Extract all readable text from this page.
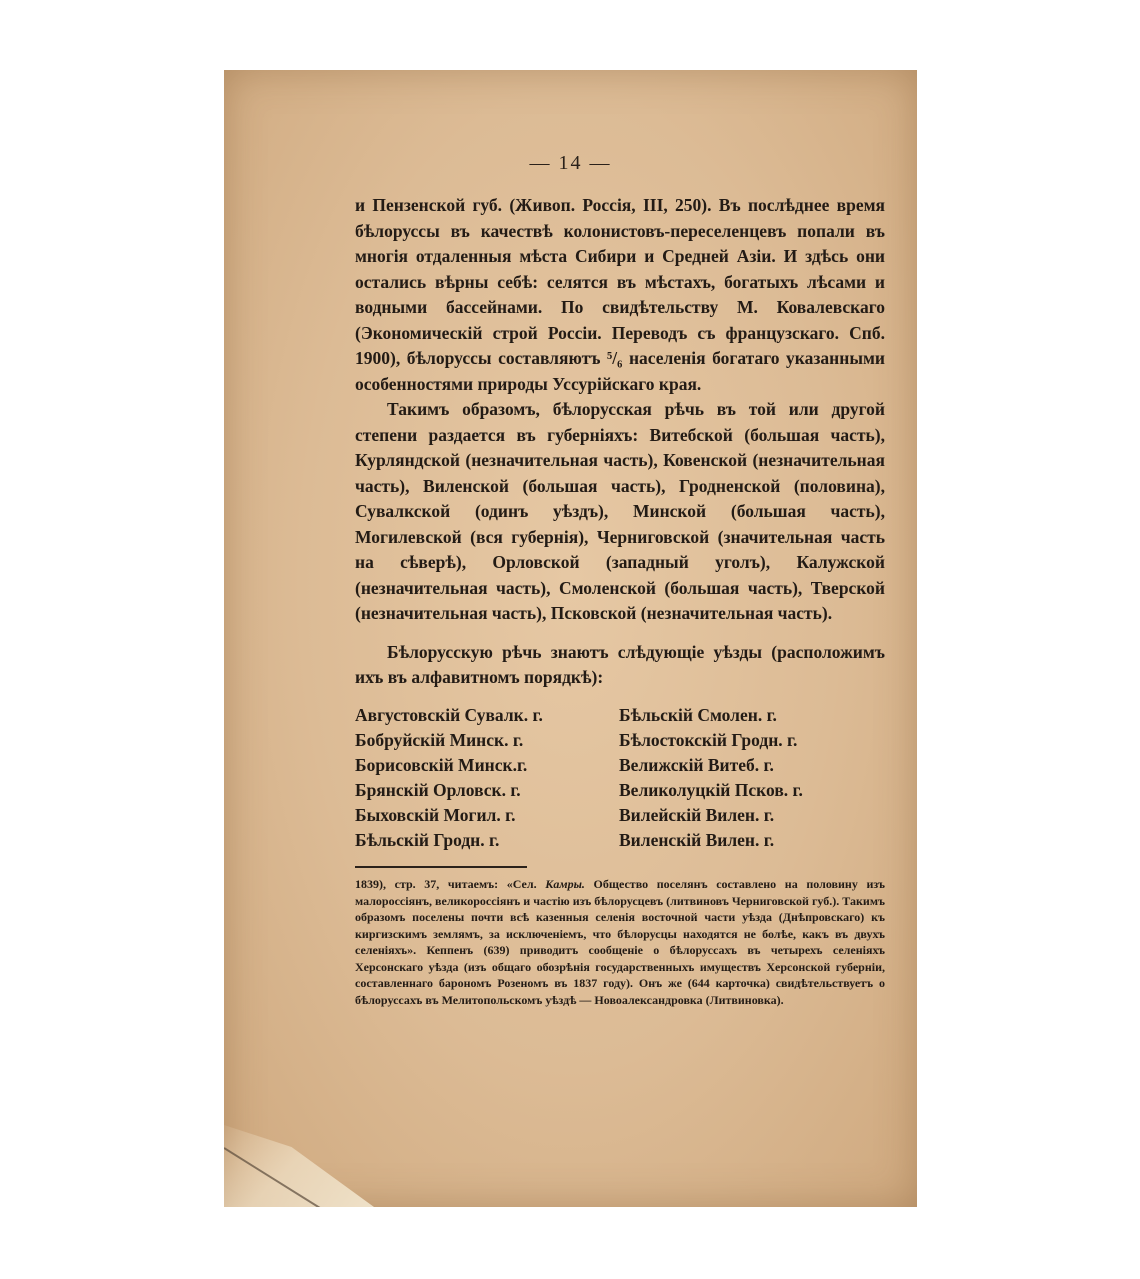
— 14 —

и Пензенской губ. (Живоп. Россія, III, 250). Въ послѣднее время бѣлоруссы въ качествѣ колонистовъ-переселенцевъ попали въ многія отдаленныя мѣста Сибири и Средней Азіи. И здѣсь они остались вѣрны себѣ: селятся въ мѣстахъ, богатыхъ лѣсами и водными бассейнами. По свидѣтельству М. Ковалевскаго (Экономическій строй Россіи. Переводъ съ французскаго. Спб. 1900), бѣлоруссы составляютъ ⁵/₆ населенія богатаго указанными особенностями природы Уссурійскаго края.

Такимъ образомъ, бѣлорусская рѣчь въ той или другой степени раздается въ губерніяхъ: Витебской (большая часть), Курляндской (незначительная часть), Ковенской (незначительная часть), Виленской (большая часть), Гродненской (половина), Сувалкской (одинъ уѣздъ), Минской (большая часть), Могилевской (вся губернія), Черниговской (значительная часть на сѣверѣ), Орловской (западный уголъ), Калужской (незначительная часть), Смоленской (большая часть), Тверской (незначительная часть), Псковской (незначительная часть).

Бѣлорусскую рѣчь знаютъ слѣдующіе уѣзды (расположимъ ихъ въ алфавитномъ порядкѣ):

Августовскій Сувалк. г.	Бѣльскій Смолен. г.
Бобруйскій Минск. г.	Бѣлостокскій Гродн. г.
Борисовскій Минск.г.	Велижскій Витеб. г.
Брянскій Орловск. г.	Великолуцкій Псков. г.
Быховскій Могил. г.	Вилейскій Вилен. г.
Бѣльскій Гродн. г.	Виленскій Вилен. г.

1839), стр. 37, читаемъ: «Сел. Камры. Общество поселянъ составлено на половину изъ малороссіянъ, великороссіянъ и частію изъ бѣлорусцевъ (литвиновъ Черниговской губ.). Такимъ образомъ поселены почти всѣ казенныя селенія восточной части уѣзда (Днѣпровскаго) къ киргизскимъ землямъ, за исключеніемъ, что бѣлорусцы находятся не болѣе, какъ въ двухъ селеніяхъ». Кеппенъ (639) приводитъ сообщеніе о бѣлоруссахъ въ четырехъ селеніяхъ Херсонскаго уѣзда (изъ общаго обозрѣнія государственныхъ имуществъ Херсонской губерніи, составленнаго барономъ Розеномъ въ 1837 году). Онъ же (644 карточка) свидѣтельствуетъ о бѣлоруссахъ въ Мелитопольскомъ уѣздѣ — Новоалександровка (Литвиновка).
